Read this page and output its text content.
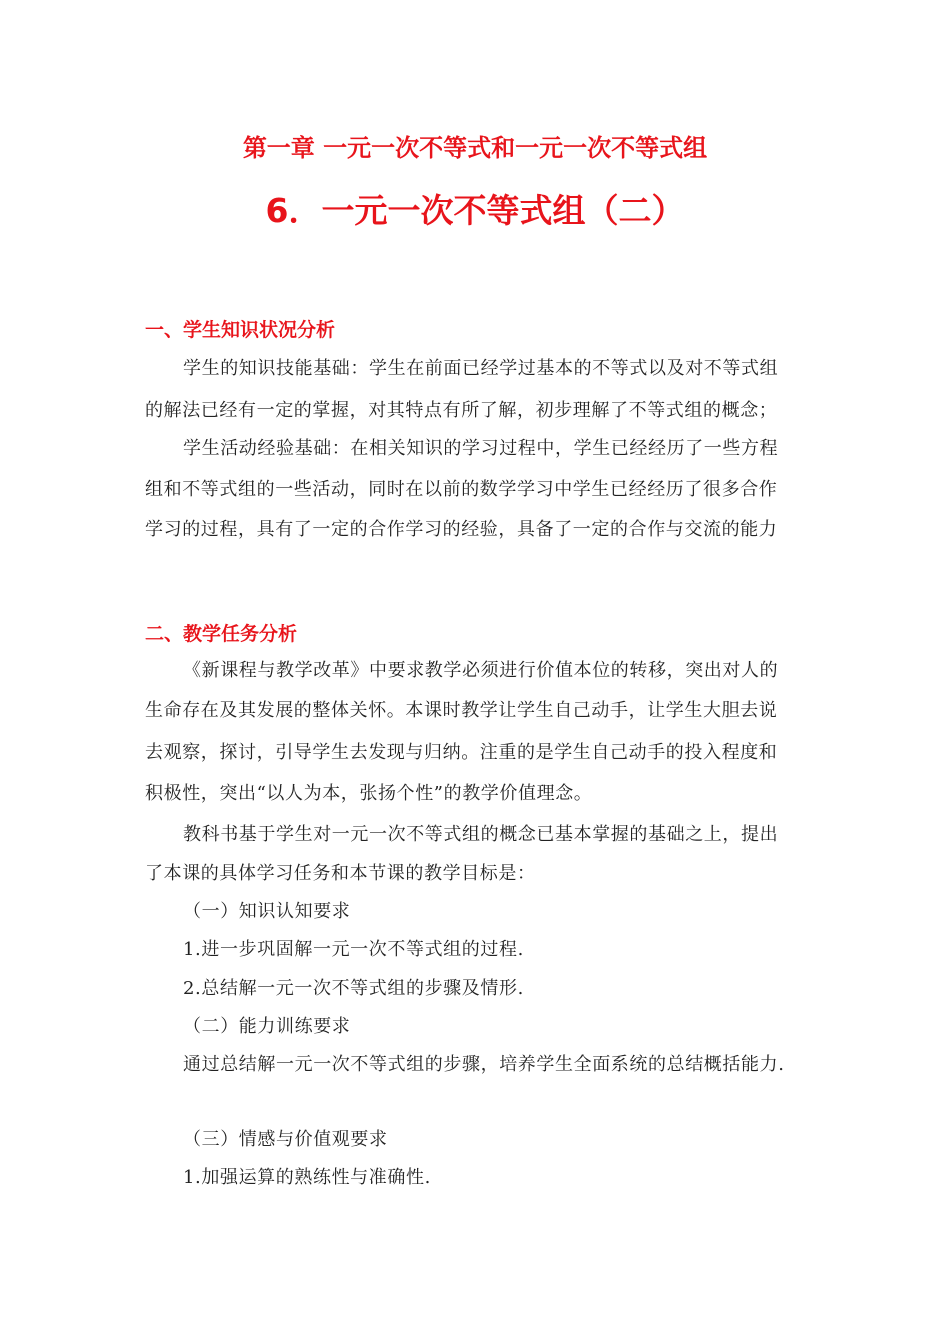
第一章 一元一次不等式和一元一次不等式组
6．一元一次不等式组（二）
一、学生知识状况分析
学生的知识技能基础：学生在前面已经学过基本的不等式以及对不等式组
的解法已经有一定的掌握，对其特点有所了解，初步理解了不等式组的概念；
学生活动经验基础：在相关知识的学习过程中，学生已经经历了一些方程
组和不等式组的一些活动，同时在以前的数学学习中学生已经经历了很多合作
学习的过程，具有了一定的合作学习的经验，具备了一定的合作与交流的能力
二、教学任务分析
《新课程与教学改革》中要求教学必须进行价值本位的转移，突出对人的
生命存在及其发展的整体关怀。本课时教学让学生自己动手，让学生大胆去说
去观察，探讨，引导学生去发现与归纳。注重的是学生自己动手的投入程度和
积极性，突出“以人为本，张扬个性”的教学价值理念。
教科书基于学生对一元一次不等式组的概念已基本掌握的基础之上，提出
了本课的具体学习任务和本节课的教学目标是：
（一）知识认知要求
1.进一步巩固解一元一次不等式组的过程.
2.总结解一元一次不等式组的步骤及情形.
（二）能力训练要求
通过总结解一元一次不等式组的步骤，培养学生全面系统的总结概括能力.
（三）情感与价值观要求
1.加强运算的熟练性与准确性.
